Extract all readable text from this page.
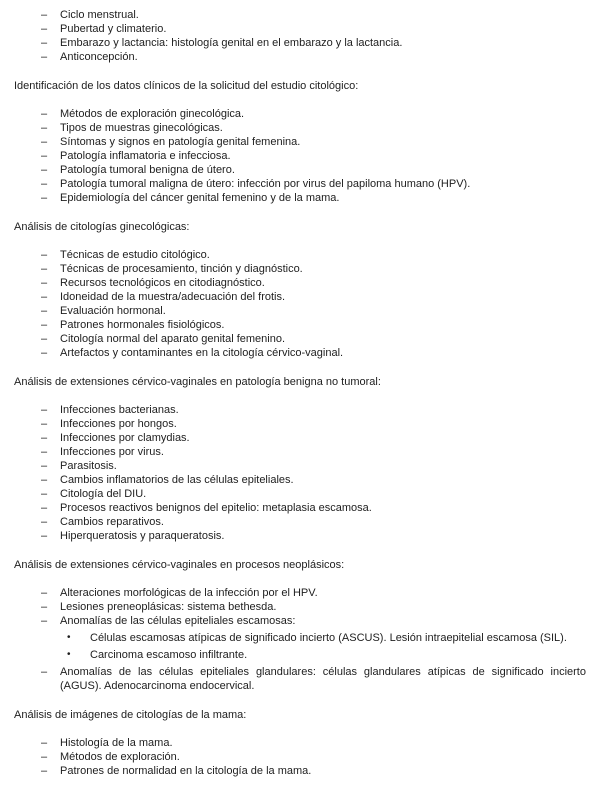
–	Ciclo menstrual.
–	Pubertad y climaterio.
–	Embarazo y lactancia: histología genital en el embarazo y la lactancia.
–	Anticoncepción.

Identificación de los datos clínicos de la solicitud del estudio citológico:

–	Métodos de exploración ginecológica.
–	Tipos de muestras ginecológicas.
–	Síntomas y signos en patología genital femenina.
–	Patología inflamatoria e infecciosa.
–	Patología tumoral benigna de útero.
–	Patología tumoral maligna de útero: infección por virus del papiloma humano (HPV).
–	Epidemiología del cáncer genital femenino y de la mama.

Análisis de citologías ginecológicas:

–	Técnicas de estudio citológico.
–	Técnicas de procesamiento, tinción y diagnóstico.
–	Recursos tecnológicos en citodiagnóstico.
–	Idoneidad de la muestra/adecuación del frotis.
–	Evaluación hormonal.
–	Patrones hormonales fisiológicos.
–	Citología normal del aparato genital femenino.
–	Artefactos y contaminantes en la citología cérvico-vaginal.

Análisis de extensiones cérvico-vaginales en patología benigna no tumoral:

–	Infecciones bacterianas.
–	Infecciones por hongos.
–	Infecciones por clamydias.
–	Infecciones por virus.
–	Parasitosis.
–	Cambios inflamatorios de las células epiteliales.
–	Citología del DIU.
–	Procesos reactivos benignos del epitelio: metaplasia escamosa.
–	Cambios reparativos.
–	Hiperqueratosis y paraqueratosis.

Análisis de extensiones cérvico-vaginales en procesos neoplásicos:

–	Alteraciones morfológicas de la infección por el HPV.
–	Lesiones preneoplásicas: sistema bethesda.
–	Anomalías de las células epiteliales escamosas:
•	Células escamosas atípicas de significado incierto (ASCUS). Lesión intraepitelial escamosa (SIL).
•	Carcinoma escamoso infiltrante.
–	Anomalías de las células epiteliales glandulares: células glandulares atípicas de significado incierto (AGUS). Adenocarcinoma endocervical.

Análisis de imágenes de citologías de la mama:

–	Histología de la mama.
–	Métodos de exploración.
–	Patrones de normalidad en la citología de la mama.
